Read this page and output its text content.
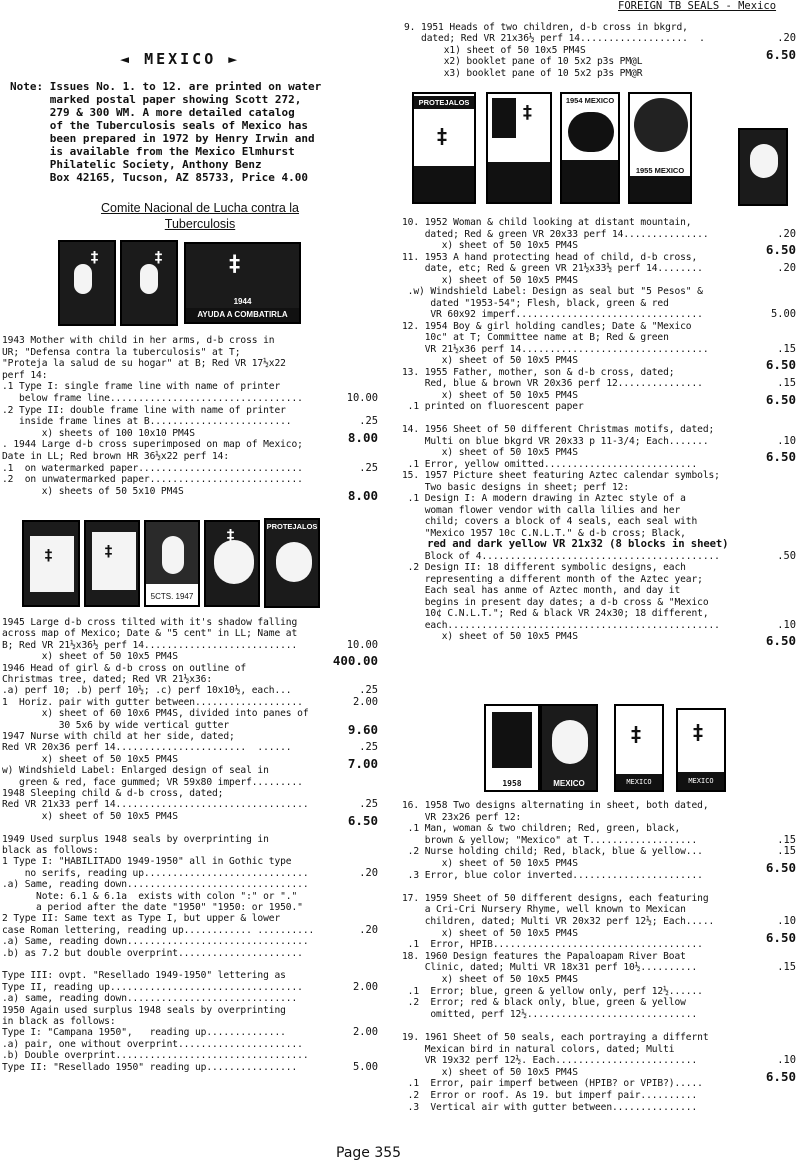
FOREIGN TB SEALS - Mexico
◄ MEXICO ►
Note: Issues No. 1. to 12. are printed on water
marked postal paper showing Scott 272,
279 & 300 WM. A more detailed catalog
of the Tuberculosis seals of Mexico has
been prepared in 1972 by Henry Irwin and
is available from the Mexico Elmhurst
Philatelic Society, Anthony Benz
Box 42165, Tucson, AZ 85733, Price 4.00
Comite Nacional de Lucha contra la
Tuberculosis
‡	‡	‡
1944
AYUDA A COMBATIRLA
1943 Mother with child in her arms, d-b cross in
UR; "Defensa contra la tuberculosis" at T;
"Proteja la salud de su hogar" at B; Red VR 17½x22
perf 14:
.1 Type I: single frame line with name of printer
below frame line..................................	10.00
.2 Type II: double frame line with name of printer
inside frame lines at B.........................	.25
x) sheets of 100 10x10 PM4S	8.00
. 1944 Large d-b cross superimposed on map of Mexico;
Date in LL; Red brown HR 36½x22 perf 14:
.1  on watermarked paper.............................	.25
.2  on unwatermarked paper...........................
x) sheets of 50 5x10 PM4S	8.00
‡	‡
5CTS. 1947
‡	PROTEJALOS
1945 Large d-b cross tilted with it's shadow falling
across map of Mexico; Date & "5 cent" in LL; Name at
B; Red VR 21½x36½ perf 14...........................	10.00
x) sheet of 50 10x5 PM4S	400.00
1946 Head of girl & d-b cross on outline of
Christmas tree, dated; Red VR 21½x36:
.a) perf 10; .b) perf 10½; .c) perf 10x10½, each...	.25
1  Horiz. pair with gutter between...................	2.00
x) sheet of 60 10x6 PM4S, divided into panes of
30 5x6 by wide vertical gutter	9.60
1947 Nurse with child at her side, dated;
Red VR 20x36 perf 14.......................  ......	.25
x) sheet of 50 10x5 PM4S	7.00
w) Windshield Label: Enlarged design of seal in
green & red, face gummed; VR 59x80 imperf.........
1948 Sleeping child & d-b cross, dated;
Red VR 21x33 perf 14..................................	.25
x) sheet of 50 10x5 PM4S	6.50
1949 Used surplus 1948 seals by overprinting in
black as follows:
1 Type I: "HABILITADO 1949-1950" all in Gothic type
no serifs, reading up.............................	.20
.a) Same, reading down................................
Note: 6.1 & 6.1a  exists with colon ":" or "."
a period after the date "1950" "1950: or 1950."
2 Type II: Same text as Type I, but upper & lower
case Roman lettering, reading up............ ..........	.20
.a) Same, reading down................................
.b) as 7.2 but double overprint......................
Type III: ovpt. "Resellado 1949-1950" lettering as
Type II, reading up..................................	2.00
.a) same, reading down..............................
1950 Again used surplus 1948 seals by overprinting
in black as follows:
Type I: "Campana 1950",   reading up..............	2.00
.a) pair, one without overprint......................
.b) Double overprint..................................
Type II: "Resellado 1950" reading up................	5.00
9. 1951 Heads of two children, d-b cross in bkgrd,
dated; Red VR 21x36½ perf 14...................  .	.20
x1) sheet of 50 10x5 PM4S	6.50
x2) booklet pane of 10 5x2 p3s PM@L
x3) booklet pane of 10 5x2 p3s PM@R
PROTEJALOS
‡
‡
1954 MEXICO
1955 MEXICO
10. 1952 Woman & child looking at distant mountain,
dated; Red & green VR 20x33 perf 14...............	.20
x) sheet of 50 10x5 PM4S	6.50
11. 1953 A hand protecting head of child, d-b cross,
date, etc; Red & green VR 21½x33½ perf 14........	.20
x) sheet of 50 10x5 PM4S
.w) Windshield Label: Design as seal but "5 Pesos" &
dated "1953-54"; Flesh, black, green & red
VR 60x92 imperf.................................	5.00
12. 1954 Boy & girl holding candles; Date & "Mexico
10c" at T; Committee name at B; Red & green
VR 21½x36 perf 14.................................	.15
x) sheet of 50 10x5 PM4S	6.50
13. 1955 Father, mother, son & d-b cross, dated;
Red, blue & brown VR 20x36 perf 12...............	.15
x) sheet of 50 10x5 PM4S	6.50
.1 printed on fluorescent paper
14. 1956 Sheet of 50 different Christmas motifs, dated;
Multi on blue bkgrd VR 20x33 p 11-3/4; Each.......	.10
x) sheet of 50 10x5 PM4S	6.50
.1 Error, yellow omitted...........................
15. 1957 Picture sheet featuring Aztec calendar symbols;
Two basic designs in sheet; perf 12:
.1 Design I: A modern drawing in Aztec style of a
woman flower vendor with calla lilies and her
child; covers a block of 4 seals, each seal with
"Mexico 1957 10c C.N.L.T." & d-b cross; Black,
red and dark yellow VR 21x32 (8 blocks in sheet)
Block of 4..........................................	.50
.2 Design II: 18 different symbolic designs, each
representing a different month of the Aztec year;
Each seal has anme of Aztec month, and day it
begins in present day dates; a d-b cross & "Mexico
10¢ C.N.L.T."; Red & black VR 24x30; 18 different,
each................................................	.10
x) sheet of 50 10x5 PM4S	6.50
1958	MEXICO
‡
MEXICO
‡
MEXICO
16. 1958 Two designs alternating in sheet, both dated,
VR 23x26 perf 12:
.1 Man, woman & two children; Red, green, black,
brown & yellow; "Mexico" at T...................	.15
.2 Nurse holding child; Red, black, blue & yellow...	.15
x) sheet of 50 10x5 PM4S	6.50
.3 Error, blue color inverted.......................
17. 1959 Sheet of 50 different designs, each featuring
a Cri-Cri Nursery Rhyme, well known to Mexican
children, dated; Multi VR 20x32 perf 12½; Each.....	.10
x) sheet of 50 10x5 PM4S	6.50
.1  Error, HPIB.....................................
18. 1960 Design features the Papaloapam River Boat
Clinic, dated; Multi VR 18x31 perf 10½..........	.15
x) sheet of 50 10x5 PM4S
.1  Error; blue, green & yellow only, perf 12½......
.2  Error; red & black only, blue, green & yellow
omitted, perf 12½..............................
19. 1961 Sheet of 50 seals, each portraying a differnt
Mexican bird in natural colors, dated; Multi
VR 19x32 perf 12½. Each.........................	.10
x) sheet of 50 10x5 PM4S	6.50
.1  Error, pair imperf between (HPIB? or VPIB?).....
.2  Error or roof. As 19. but imperf pair..........
.3  Vertical air with gutter between...............
Page 355
